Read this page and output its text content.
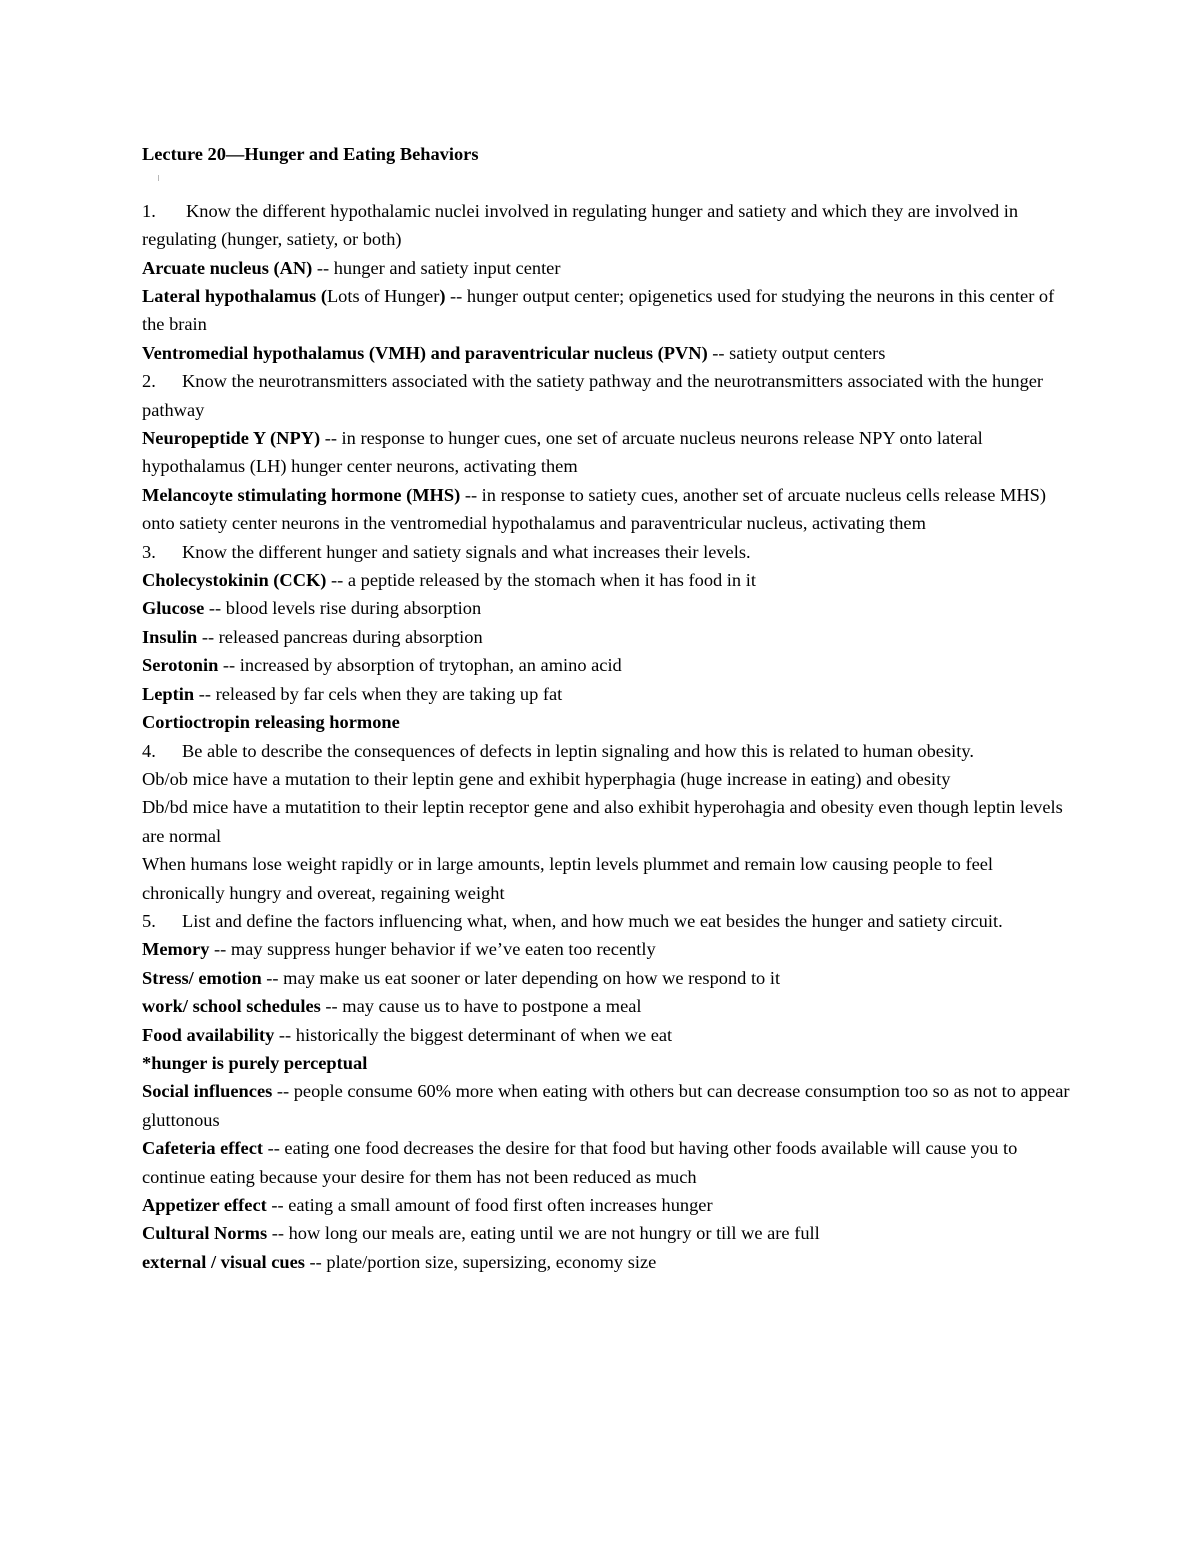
Lecture 20—Hunger and Eating Behaviors

1. Know the different hypothalamic nuclei involved in regulating hunger and satiety and which they are involved in regulating (hunger, satiety, or both)

Arcuate nucleus (AN) -- hunger and satiety input center

Lateral hypothalamus (Lots of Hunger) -- hunger output center; opigenetics used for studying the neurons in this center of the brain

Ventromedial hypothalamus (VMH) and paraventricular nucleus (PVN) -- satiety output centers

2. Know the neurotransmitters associated with the satiety pathway and the neurotransmitters associated with the hunger pathway

Neuropeptide Y (NPY) -- in response to hunger cues, one set of arcuate nucleus neurons release NPY onto lateral hypothalamus (LH) hunger center neurons, activating them

Melancoyte stimulating hormone (MHS) -- in response to satiety cues, another set of arcuate nucleus cells release MHS) onto satiety center neurons in the ventromedial hypothalamus and paraventricular nucleus, activating them

3. Know the different hunger and satiety signals and what increases their levels.

Cholecystokinin (CCK) -- a peptide released by the stomach when it has food in it

Glucose -- blood levels rise during absorption

Insulin -- released pancreas during absorption

Serotonin -- increased by absorption of trytophan, an amino acid

Leptin -- released by far cels when they are taking up fat

Cortioctropin releasing hormone

4. Be able to describe the consequences of defects in leptin signaling and how this is related to human obesity.

Ob/ob mice have a mutation to their leptin gene and exhibit hyperphagia (huge increase in eating) and obesity

Db/bd mice have a mutatition to their leptin receptor gene and also exhibit hyperohagia and obesity even though leptin levels are normal

When humans lose weight rapidly or in large amounts, leptin levels plummet and remain low causing people to feel chronically hungry and overeat, regaining weight

5. List and define the factors influencing what, when, and how much we eat besides the hunger and satiety circuit.

Memory -- may suppress hunger behavior if we’ve eaten too recently

Stress/ emotion -- may make us eat sooner or later depending on how we respond to it

work/ school schedules -- may cause us to have to postpone a meal

Food availability -- historically the biggest determinant of when we eat

*hunger is purely perceptual

Social influences -- people consume 60% more when eating with others but can decrease consumption too so as not to appear gluttonous

Cafeteria effect -- eating one food decreases the desire for that food but having other foods available will cause you to continue eating because your desire for them has not been reduced as much

Appetizer effect -- eating a small amount of food first often increases hunger

Cultural Norms -- how long our meals are, eating until we are not hungry or till we are full

external / visual cues -- plate/portion size, supersizing, economy size
